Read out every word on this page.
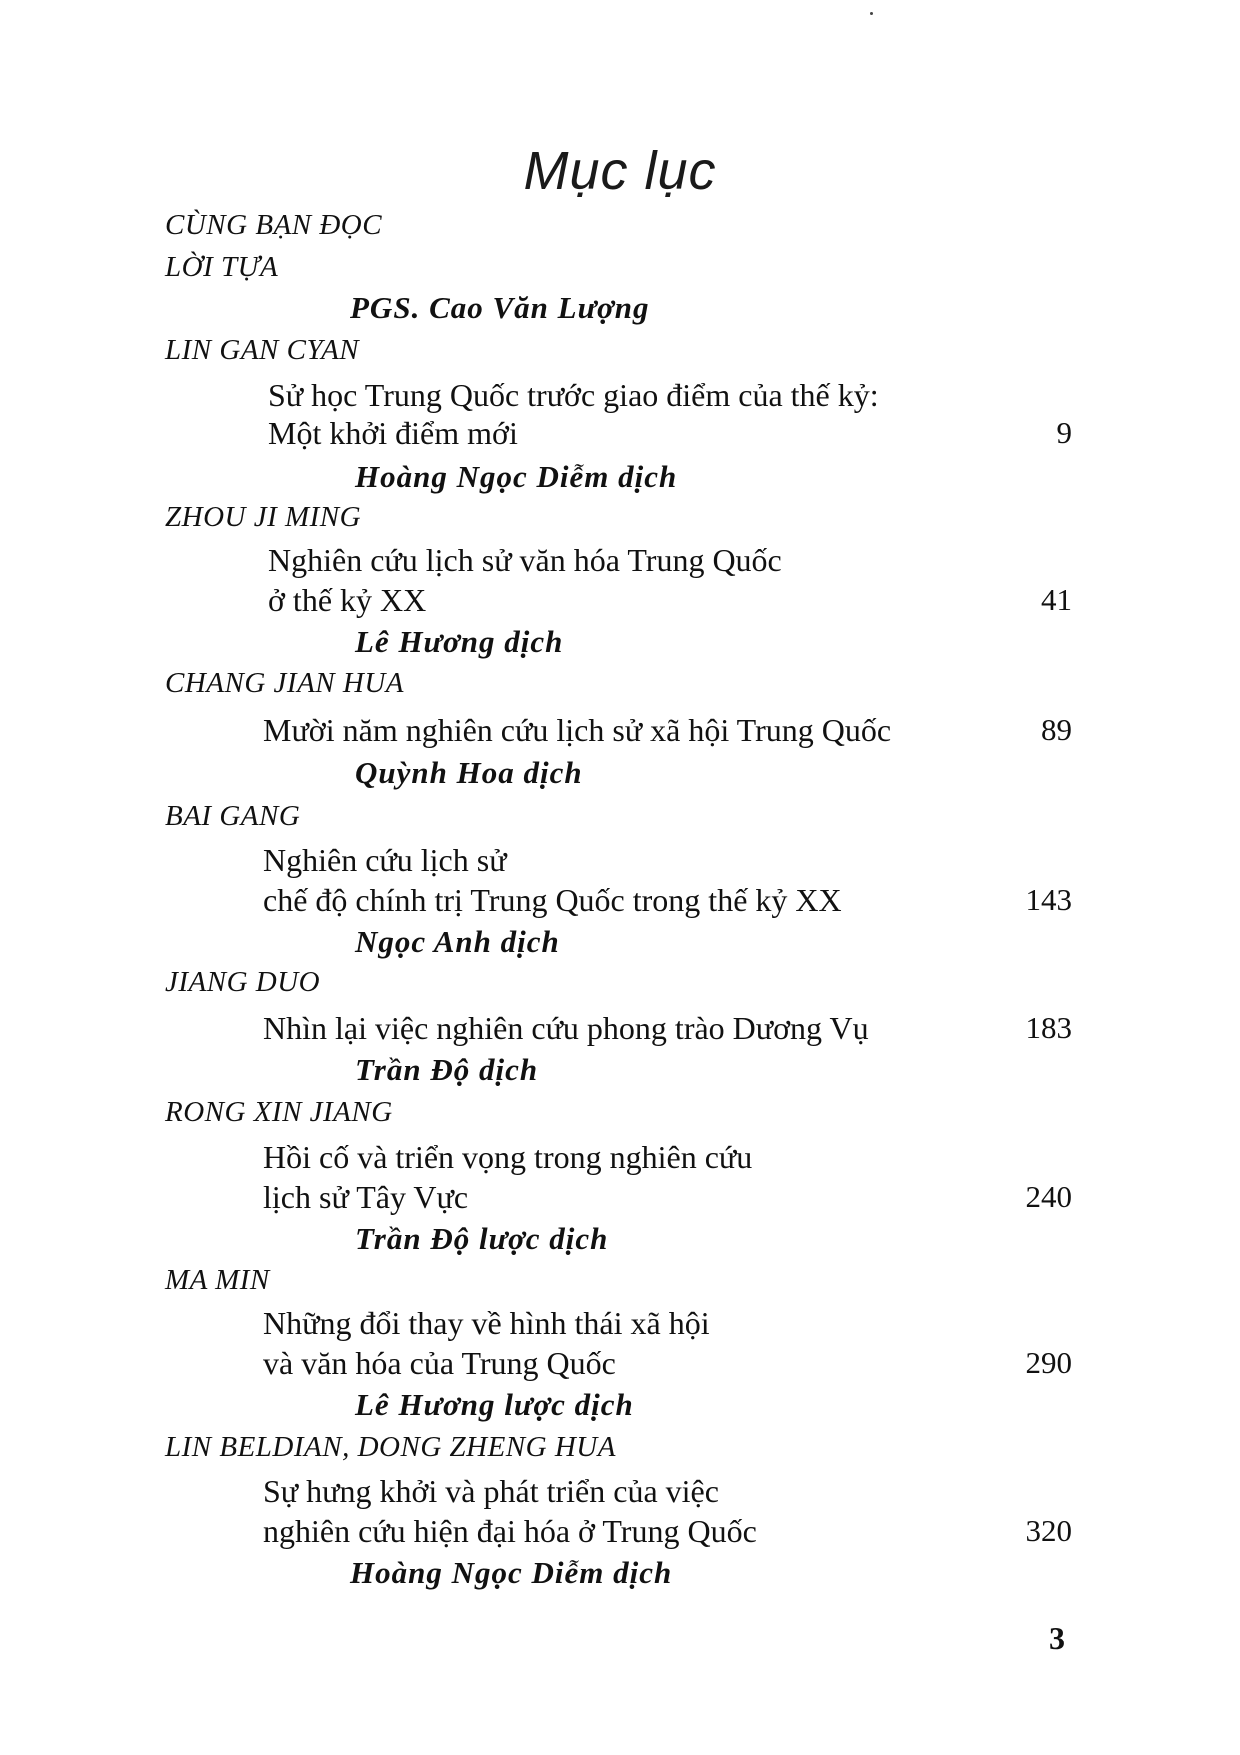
Mục lục
CÙNG BẠN ĐỌC
LỜI TỰA
PGS. Cao Văn Lượng
LIN GAN CYAN
Sử học Trung Quốc trước giao điểm của thế kỷ:
Một khởi điểm mới	9
Hoàng Ngọc Diễm dịch
ZHOU JI MING
Nghiên cứu lịch sử văn hóa Trung Quốc
ở thế kỷ XX	41
Lê Hương dịch
CHANG JIAN HUA
Mười năm nghiên cứu lịch sử xã hội Trung Quốc	89
Quỳnh Hoa dịch
BAI GANG
Nghiên cứu lịch sử
chế độ chính trị Trung Quốc trong thế kỷ XX	143
Ngọc Anh dịch
JIANG DUO
Nhìn lại việc nghiên cứu phong trào Dương Vụ	183
Trần Độ dịch
RONG XIN JIANG
Hồi cố và triển vọng trong nghiên cứu
lịch sử Tây Vực	240
Trần Độ lược dịch
MA MIN
Những đổi thay về hình thái xã hội
và văn hóa của Trung Quốc	290
Lê Hương lược dịch
LIN BELDIAN, DONG ZHENG HUA
Sự hưng khởi và phát triển của việc
nghiên cứu hiện đại hóa ở Trung Quốc	320
Hoàng Ngọc Diễm dịch
3
